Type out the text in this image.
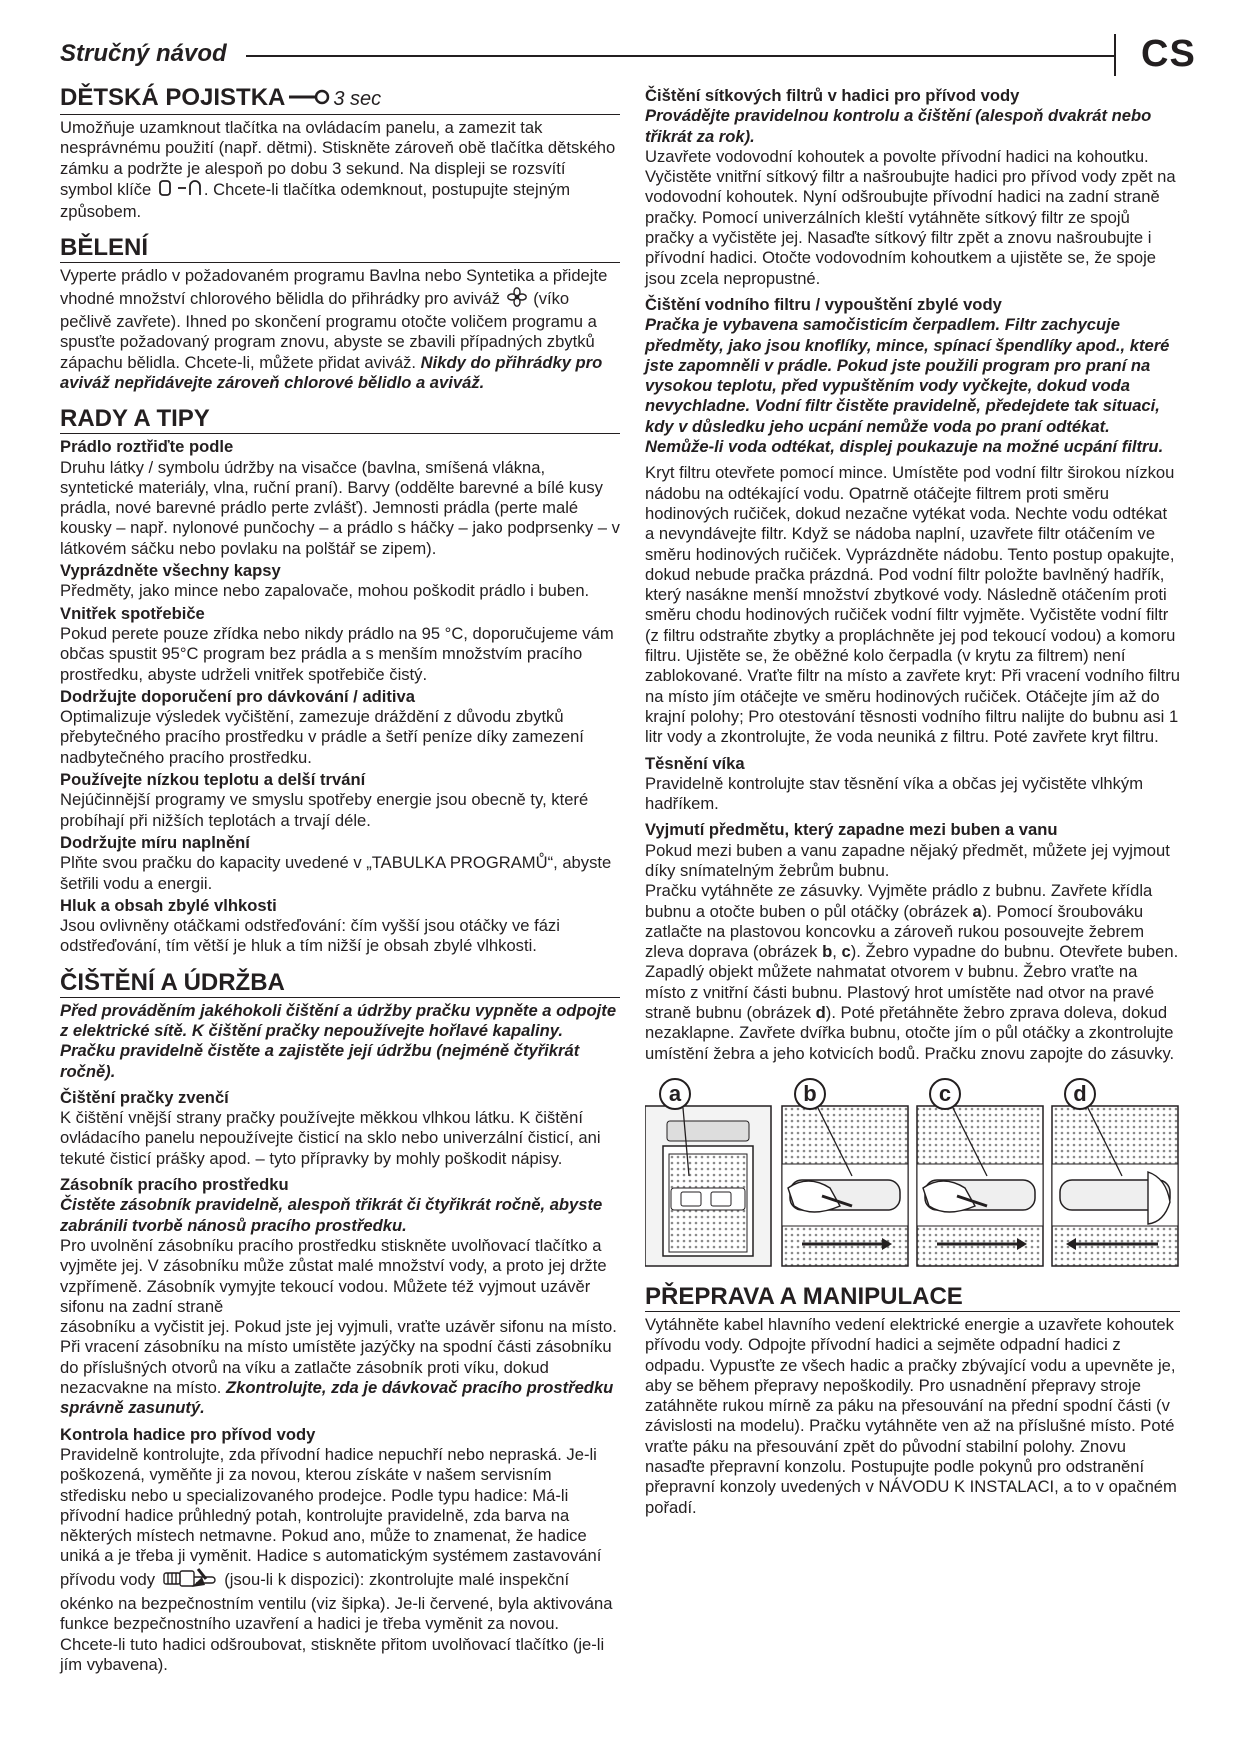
Stručný návod	CS
DĚTSKÁ POJISTKA 3 sec

Umožňuje uzamknout tlačítka na ovládacím panelu, a zamezit tak nesprávnému použití (např. dětmi). Stiskněte zároveň obě tlačítka dětského zámku a podržte je alespoň po dobu 3 sekund. Na displeji se rozsvítí symbol klíče	. Chcete-li tlačítka odemknout, postupujte stejným způsobem.

BĚLENÍ

Vyperte prádlo v požadovaném programu Bavlna nebo Syntetika a přidejte vhodné množství chlorového bělidla do přihrádky pro aviváž  (víko pečlivě zavřete). Ihned po skončení programu otočte voličem programu a spusťte požadovaný program znovu, abyste se zbavili případných zbytků zápachu bělidla. Chcete-li, můžete přidat aviváž. Nikdy do přihrádky pro aviváž nepřidávejte zároveň chlorové bělidlo a aviváž.

RADY A TIPY
Prádlo roztřiďte podle

Druhu látky / symbolu údržby na visačce (bavlna, smíšená vlákna, syntetické materiály, vlna, ruční praní). Barvy (oddělte barevné a bílé kusy prádla, nové barevné prádlo perte zvlášť). Jemnosti prádla (perte malé kousky – např. nylonové punčochy – a prádlo s háčky – jako podprsenky – v látkovém sáčku nebo povlaku na polštář se zipem).

Vyprázdněte všechny kapsy

Předměty, jako mince nebo zapalovače, mohou poškodit prádlo i buben.

Vnitřek spotřebiče

Pokud perete pouze zřídka nebo nikdy prádlo na 95 °C, doporučujeme vám občas spustit 95°C program bez prádla a s menším množstvím pracího prostředku, abyste udrželi vnitřek spotřebiče čistý.

Dodržujte doporučení pro dávkování / aditiva

Optimalizuje výsledek vyčištění, zamezuje dráždění z důvodu zbytků přebytečného pracího prostředku v prádle a šetří peníze díky zamezení nadbytečného pracího prostředku.

Používejte nízkou teplotu a delší trvání

Nejúčinnější programy ve smyslu spotřeby energie jsou obecně ty, které probíhají při nižších teplotách a trvají déle.

Dodržujte míru naplnění

Plňte svou pračku do kapacity uvedené v „TABULKA PROGRAMŮ“, abyste šetřili vodu a energii.

Hluk a obsah zbylé vlhkosti

Jsou ovlivněny otáčkami odstřeďování: čím vyšší jsou otáčky ve fázi odstřeďování, tím větší je hluk a tím nižší je obsah zbylé vlhkosti.

ČIŠTĚNÍ A ÚDRŽBA

Před prováděním jakéhokoli čištění a údržby pračku vypněte a odpojte z elektrické sítě. K čištění pračky nepoužívejte hořlavé kapaliny. Pračku pravidelně čistěte a zajistěte její údržbu (nejméně čtyřikrát ročně).

Čištění pračky zvenčí

K čištění vnější strany pračky používejte měkkou vlhkou látku. K čištění ovládacího panelu nepoužívejte čisticí na sklo nebo univerzální čisticí, ani tekuté čisticí prášky apod. – tyto přípravky by mohly poškodit nápisy.

Zásobník pracího prostředku

Čistěte zásobník pravidelně, alespoň třikrát či čtyřikrát ročně, abyste zabránili tvorbě nánosů pracího prostředku.
Pro uvolnění zásobníku pracího prostředku stiskněte uvolňovací tlačítko a vyjměte jej. V zásobníku může zůstat malé množství vody, a proto jej držte vzpřímeně. Zásobník vymyjte tekoucí vodou. Můžete též vyjmout uzávěr sifonu na zadní straně
zásobníku a vyčistit jej. Pokud jste jej vyjmuli, vraťte uzávěr sifonu na místo. Při vracení zásobníku na místo umístěte jazýčky na spodní části zásobníku do příslušných otvorů na víku a zatlačte zásobník proti víku, dokud nezacvakne na místo. Zkontrolujte, zda je dávkovač pracího prostředku správně zasunutý.

Kontrola hadice pro přívod vody

Pravidelně kontrolujte, zda přívodní hadice nepuchří nebo nepraská. Je-li poškozená, vyměňte ji za novou, kterou získáte v našem servisním středisku nebo u specializovaného prodejce. Podle typu hadice: Má-li přívodní hadice průhledný potah, kontrolujte pravidelně, zda barva na některých místech netmavne. Pokud ano, může to znamenat, že hadice uniká a je třeba ji vyměnit. Hadice s automatickým systémem zastavování přívodu vody	(jsou-li k dispozici): zkontrolujte malé inspekční okénko na bezpečnostním ventilu (viz šipka). Je-li červené, byla aktivována funkce bezpečnostního uzavření a hadici je třeba vyměnit za novou. Chcete-li tuto hadici odšroubovat, stiskněte přitom uvolňovací tlačítko (je-li jím vybavena).

Čištění sítkových filtrů v hadici pro přívod vody

Provádějte pravidelnou kontrolu a čištění (alespoň dvakrát nebo třikrát za rok).
Uzavřete vodovodní kohoutek a povolte přívodní hadici na kohoutku. Vyčistěte vnitřní sítkový filtr a našroubujte hadici pro přívod vody zpět na vodovodní kohoutek. Nyní odšroubujte přívodní hadici na zadní straně pračky. Pomocí univerzálních kleští vytáhněte sítkový filtr ze spojů pračky a vyčistěte jej. Nasaďte sítkový filtr zpět a znovu našroubujte i přívodní hadici. Otočte vodovodním kohoutkem a ujistěte se, že spoje jsou zcela nepropustné.

Čištění vodního filtru / vypouštění zbylé vody

Pračka je vybavena samočisticím čerpadlem. Filtr zachycuje předměty, jako jsou knoflíky, mince, spínací špendlíky apod., které jste zapomněli v prádle. Pokud jste použili program pro praní na vysokou teplotu, před vypuštěním vody vyčkejte, dokud voda nevychladne. Vodní filtr čistěte pravidelně, předejdete tak situaci, kdy v důsledku jeho ucpání nemůže voda po praní odtékat. Nemůže-li voda odtékat, displej poukazuje na možné ucpání filtru.

Kryt filtru otevřete pomocí mince. Umístěte pod vodní filtr širokou nízkou nádobu na odtékající vodu. Opatrně otáčejte filtrem proti směru hodinových ručiček, dokud nezačne vytékat voda. Nechte vodu odtékat a nevyndávejte filtr. Když se nádoba naplní, uzavřete filtr otáčením ve směru hodinových ručiček. Vyprázdněte nádobu. Tento postup opakujte, dokud nebude pračka prázdná. Pod vodní filtr položte bavlněný hadřík, který nasákne menší množství zbytkové vody. Následně otáčením proti směru chodu hodinových ručiček vodní filtr vyjměte. Vyčistěte vodní filtr (z filtru odstraňte zbytky a propláchněte jej pod tekoucí vodou) a komoru filtru. Ujistěte se, že oběžné kolo čerpadla (v krytu za filtrem) není zablokované. Vraťte filtr na místo a zavřete kryt: Při vracení vodního filtru na místo jím otáčejte ve směru hodinových ručiček. Otáčejte jím až do krajní polohy; Pro otestování těsnosti vodního filtru nalijte do bubnu asi 1 litr vody a zkontrolujte, že voda neuniká z filtru. Poté zavřete kryt filtru.

Těsnění víka

Pravidelně kontrolujte stav těsnění víka a občas jej vyčistěte vlhkým hadříkem.

Vyjmutí předmětu, který zapadne mezi buben a vanu

Pokud mezi buben a vanu zapadne nějaký předmět, můžete jej vyjmout díky snímatelným žebrům bubnu.
Pračku vytáhněte ze zásuvky. Vyjměte prádlo z bubnu. Zavřete křídla bubnu a otočte buben o půl otáčky (obrázek a). Pomocí šroubováku zatlačte na plastovou koncovku a zároveň rukou posouvejte žebrem zleva doprava (obrázek b, c). Žebro vypadne do bubnu. Otevřete buben. Zapadlý objekt můžete nahmatat otvorem v bubnu. Žebro vraťte na místo z vnitřní části bubnu. Plastový hrot umístěte nad otvor na pravé straně bubnu (obrázek d). Poté přetáhněte žebro zprava doleva, dokud nezaklapne. Zavřete dvířka bubnu, otočte jím o půl otáčky a zkontrolujte umístění žebra a jeho kotvicích bodů. Pračku znovu zapojte do zásuvky.

a	b	c	d
PŘEPRAVA A MANIPULACE

Vytáhněte kabel hlavního vedení elektrické energie a uzavřete kohoutek přívodu vody. Odpojte přívodní hadici a sejměte odpadní hadici z odpadu. Vypusťte ze všech hadic a pračky zbývající vodu a upevněte je, aby se během přepravy nepoškodily. Pro usnadnění přepravy stroje zatáhněte rukou mírně za páku na přesouvání na přední spodní části (v závislosti na modelu). Pračku vytáhněte ven až na příslušné místo. Poté vraťte páku na přesouvání zpět do původní stabilní polohy. Znovu nasaďte přepravní konzolu. Postupujte podle pokynů pro odstranění přepravní konzoly uvedených v NÁVODU K INSTALACI, a to v opačném pořadí.
